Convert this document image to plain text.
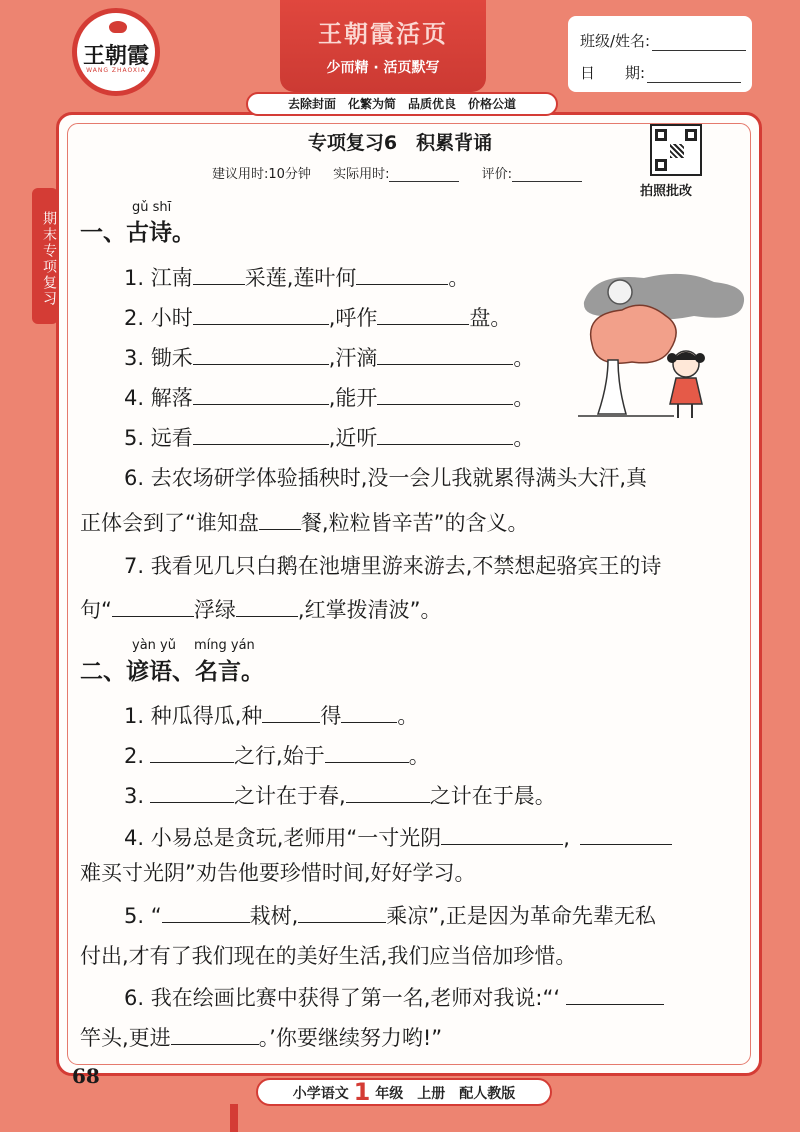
王朝霞
WANG ZHAOXIA
王朝霞活页
少而精 · 活页默写
班级/姓名:
日　　期:
去除封面　化繁为简　品质优良　价格公道
期末专项复习
专项复习6　积累背诵
建议用时:10分钟 实际用时:	评价:
拍照批改
gǔ shī
一、古诗。
1. 江南 采莲,莲叶何	。
2. 小时	,呼作	盘。
3. 锄禾	,汗滴	。
4. 解落	,能开	。
5. 远看	,近听	。
6. 去农场研学体验插秧时,没一会儿我就累得满头大汗,真
正体会到了“谁知盘 餐,粒粒皆辛苦”的含义。
7. 我看见几只白鹅在池塘里游来游去,不禁想起骆宾王的诗
句“	浮绿	,红掌拨清波”。
yàn yǔ míng yán
二、谚语、名言。
1. 种瓜得瓜,种	得	。
2.	之行,始于	。
3.	之计在于春,	之计在于晨。
4. 小易总是贪玩,老师用“一寸光阴	,
难买寸光阴”劝告他要珍惜时间,好好学习。
5. “	栽树,	乘凉”,正是因为革命先辈无私
付出,才有了我们现在的美好生活,我们应当倍加珍惜。
6. 我在绘画比赛中获得了第一名,老师对我说:“‘
竿头,更进	。’你要继续努力哟!”
68
小学语文 1 年级　上册　配人教版
